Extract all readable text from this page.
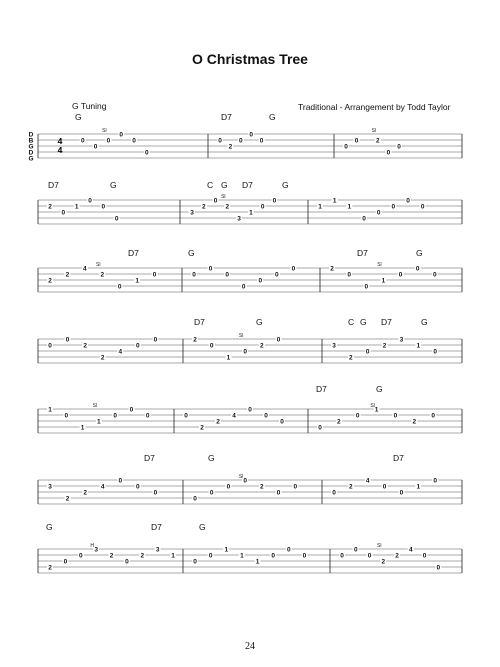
O Christmas Tree
G Tuning	Traditional - Arrangement by Todd Taylor
24
D
B
G
D
G
4
4
G	D7	G
0
0
0
0
0
0
Sl
0
2
0
0
0
0
0	2
0
0
Sl
D7	G	C G D7	G
2
0
1
0
0
0
3
2
0
2
3
1
0
0
Sl
1
1
1
0
0
0
0
0
D7	G	D7	G
2
2
4
2
0
1
0
Sl
0
0
0
0
0
0
0	2
0
0
1
0
0
0
Sl
D7	G	C G D7	G
0
0
2
2
4
0
0	2
0
1
0
2
0
Sl
3
2
0
2
3
1
0
D7	G
1
0
1
1
0
0
0
Sl
0
2
2
4
0
0
0
0
2
0
1
0
2
0
Sl
D7	G	D7
3
2
2
4
0
0
0
0
0
0
0
2
0
0
Sl
0
2
4
0
0
1
0
G	D7	G
2
0
0
3
2
0
2
3
1
H
0
0
1
1
1
0
0
0	0
0
0
2
2
4
0
0
Sl
